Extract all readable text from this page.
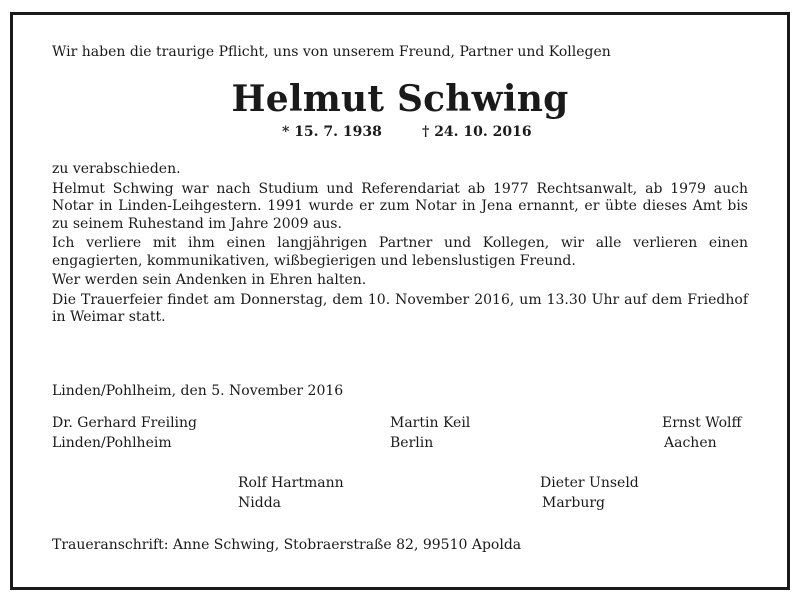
Wir haben die traurige Pflicht, uns von unserem Freund, Partner und Kollegen
Helmut Schwing
* 15. 7. 1938	† 24. 10. 2016

zu verabschieden.

Helmut Schwing war nach Studium und Referendariat ab 1977 Rechtsanwalt, ab 1979 auch Notar in Linden-Leihgestern. 1991 wurde er zum Notar in Jena ernannt, er übte dieses Amt bis zu seinem Ruhestand im Jahre 2009 aus.

Ich verliere mit ihm einen langjährigen Partner und Kollegen, wir alle verlieren einen engagierten, kommunikativen, wißbegierigen und lebenslustigen Freund.

Wer werden sein Andenken in Ehren halten.

Die Trauerfeier findet am Donnerstag, dem 10. November 2016, um 13.30 Uhr auf dem Friedhof in Weimar statt.

Linden/Pohlheim, den 5. November 2016
Dr. Gerhard Freiling
Linden/Pohlheim
Martin Keil
Berlin
Ernst Wolff
Aachen
Rolf Hartmann
Nidda
Dieter Unseld
Marburg
Traueranschrift: Anne Schwing, Stobraerstraße 82, 99510 Apolda
